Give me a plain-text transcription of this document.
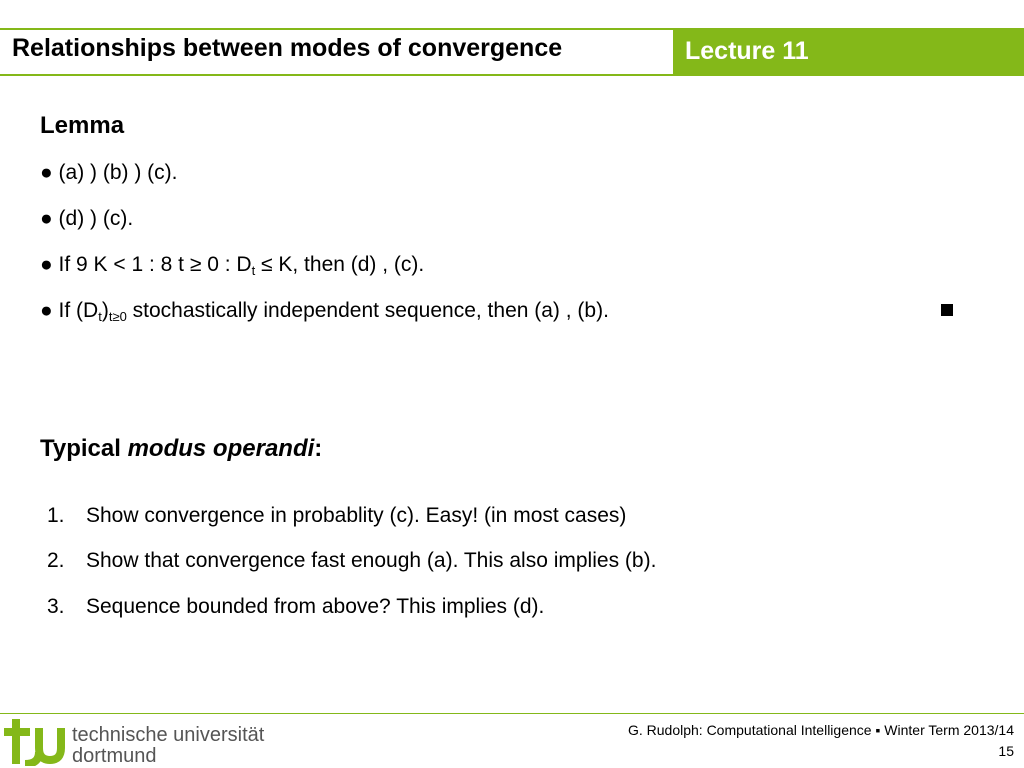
Relationships between modes of convergence	Lecture 11
Lemma
● (a) ) (b) ) (c).
● (d) ) (c).
● If 9 K < 1 : 8 t ≥ 0 : $D_t \le K$, then (d) , (c).
● If $(D_t)_{t\ge 0}$ stochastically independent sequence, then (a) , (b).
Typical modus operandi:
1. Show convergence in probablity (c). Easy! (in most cases)
2. Show that convergence fast enough (a). This also implies (b).
3. Sequence bounded from above? This implies (d).
technische universität
dortmund
G. Rudolph: Computational Intelligence ▪ Winter Term 2013/14
15
